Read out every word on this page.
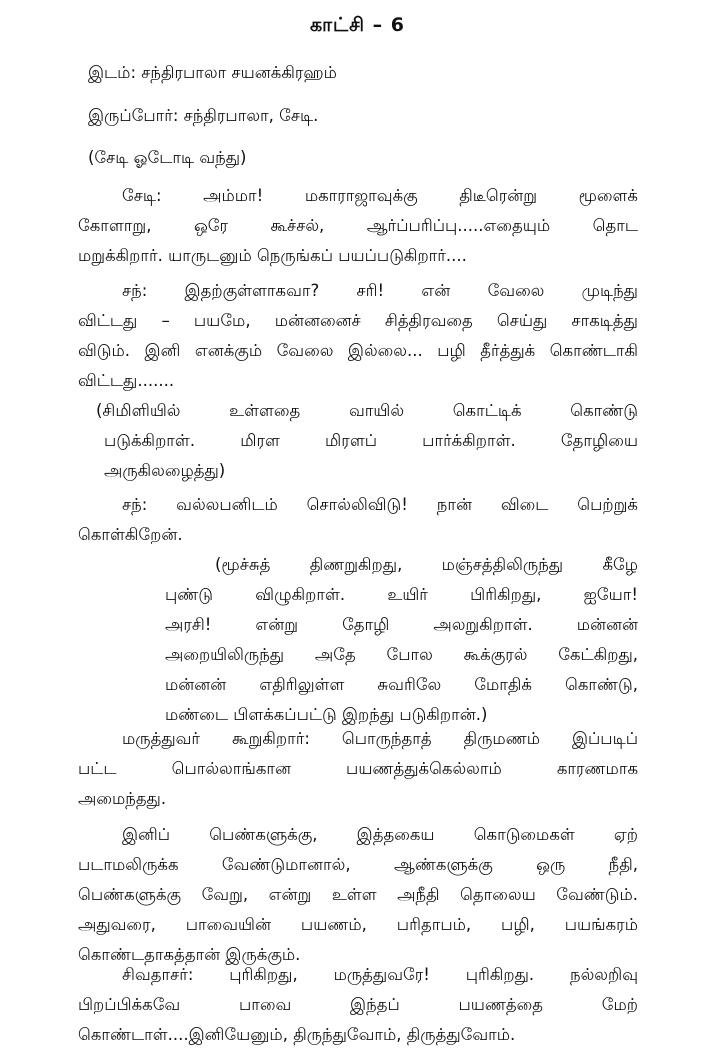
காட்சி – 6
இடம்: சந்திரபாலா சயனக்கிரஹம்
இருப்போர்: சந்திரபாலா, சேடி.
(சேடி ஓடோடி வந்து)
சேடி: அம்மா! மகாராஜாவுக்கு திடீரென்று மூளைக்
கோளாறு, ஒரே கூச்சல், ஆர்ப்பரிப்பு.....எதையும் தொட
மறுக்கிறார். யாருடனும் நெருங்கப் பயப்படுகிறார்....
சந்: இதற்குள்ளாகவா? சரி! என் வேலை முடிந்து
விட்டது – பயமே, மன்னனைச் சித்திரவதை செய்து சாகடித்து
விடும். இனி எனக்கும் வேலை இல்லை... பழி தீர்த்துக் கொண்டாகி
விட்டது.......
(சிமிளியில் உள்ளதை வாயில் கொட்டிக் கொண்டு
படுக்கிறாள். மிரள மிரளப் பார்க்கிறாள். தோழியை
அருகிலழைத்து)
சந்: வல்லபனிடம் சொல்லிவிடு! நான் விடை பெற்றுக்
கொள்கிறேன்.
(மூச்சுத் திணறுகிறது, மஞ்சத்திலிருந்து கீழே
புண்டு விழுகிறாள். உயிர் பிரிகிறது, ஐயோ!
அரசி! என்று தோழி அலறுகிறாள். மன்னன்
அறையிலிருந்து அதே போல கூக்குரல் கேட்கிறது,
மன்னன் எதிரிலுள்ள சுவரிலே மோதிக் கொண்டு,
மண்டை பிளக்கப்பட்டு இறந்து படுகிறான்.)
மருத்துவர் கூறுகிறார்: பொருந்தாத் திருமணம் இப்படிப்
பட்ட பொல்லாங்கான பயணத்துக்கெல்லாம் காரணமாக
அமைந்தது.
இனிப் பெண்களுக்கு, இத்தகைய கொடுமைகள் ஏற்
படாமலிருக்க வேண்டுமானால், ஆண்களுக்கு ஒரு நீதி,
பெண்களுக்கு வேறு, என்று உள்ள அநீதி தொலைய வேண்டும்.
அதுவரை, பாவையின் பயணம், பரிதாபம், பழி, பயங்கரம்
கொண்டதாகத்தான் இருக்கும்.
சிவதாசர்: புரிகிறது, மருத்துவரே! புரிகிறது. நல்லறிவு
பிறப்பிக்கவே பாவை இந்தப் பயணத்தை மேற்
கொண்டாள்....இனியேனும், திருந்துவோம், திருத்துவோம்.
